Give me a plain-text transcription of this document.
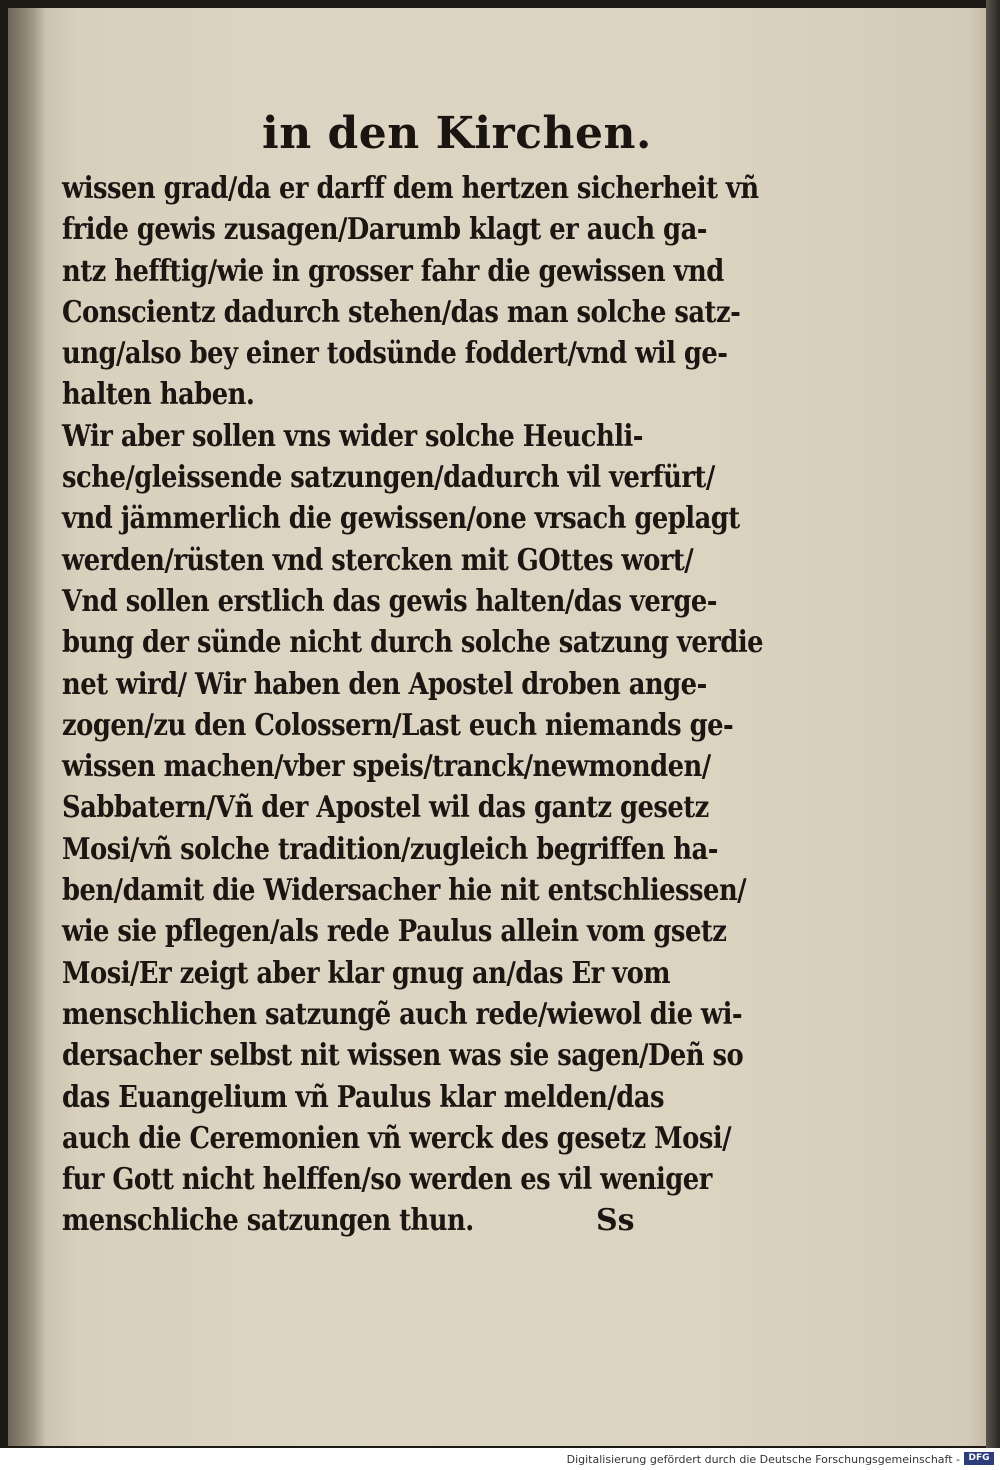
in den Kirchen.
wissen grad/da er darff dem hertzen sicherheit vñ
fride gewis zusagen/Darumb klagt er auch ga-
ntz hefftig/wie in grosser fahr die gewissen vnd
Conscientz dadurch stehen/das man solche satz-
ung/also bey einer todsünde foddert/vnd wil ge-
halten haben.
Wir aber sollen vns wider solche Heuchli-
sche/gleissende satzungen/dadurch vil verfürt/
vnd jämmerlich die gewissen/one vrsach geplagt
werden/rüsten vnd stercken mit GOttes wort/
Vnd sollen erstlich das gewis halten/das verge-
bung der sünde nicht durch solche satzung verdie
net wird/ Wir haben den Apostel droben ange-
zogen/zu den Colossern/Last euch niemands ge-
wissen machen/vber speis/tranck/newmonden/
Sabbatern/Vñ der Apostel wil das gantz gesetz
Mosi/vñ solche tradition/zugleich begriffen ha-
ben/damit die Widersacher hie nit entschliessen/
wie sie pflegen/als rede Paulus allein vom gsetz
Mosi/Er zeigt aber klar gnug an/das Er vom
menschlichen satzungẽ auch rede/wiewol die wi-
dersacher selbst nit wissen was sie sagen/Deñ so
das Euangelium vñ Paulus klar melden/das
auch die Ceremonien vñ werck des gesetz Mosi/
fur Gott nicht helffen/so werden es vil weniger
menschliche satzungen thun.	Ss
Digitalisierung gefördert durch die Deutsche Forschungsgemeinschaft - DFG
